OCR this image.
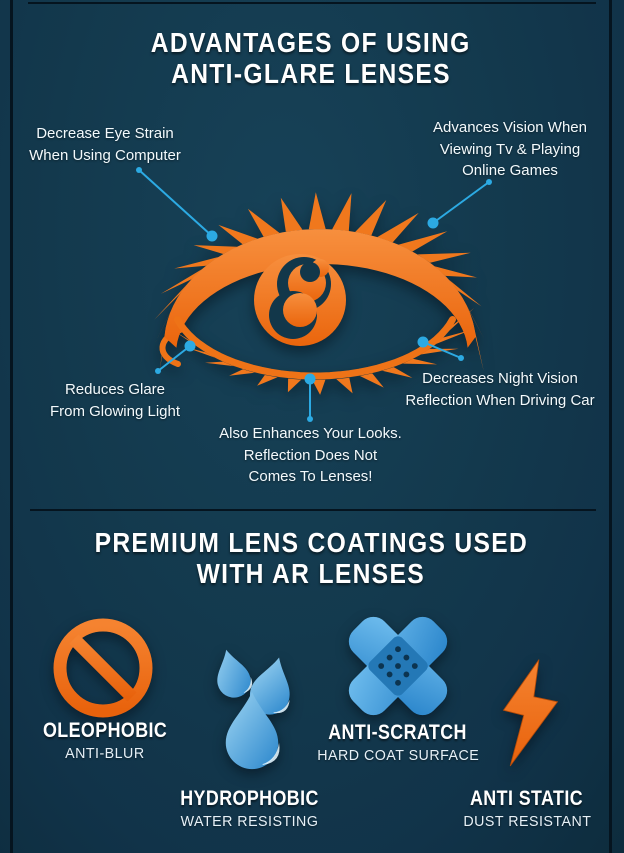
ADVANTAGES OF USING
ANTI-GLARE LENSES
Decrease Eye Strain
When Using Computer
Advances Vision When
Viewing Tv & Playing
Online Games
Reduces Glare
From Glowing Light
Also Enhances Your Looks.
Reflection Does Not
Comes To Lenses!
Decreases Night Vision
Reflection When Driving Car
PREMIUM LENS COATINGS USED
WITH AR LENSES
OLEOPHOBIC
ANTI-BLUR
HYDROPHOBIC
WATER RESISTING
ANTI-SCRATCH
HARD COAT SURFACE
ANTI STATIC
DUST RESISTANT
